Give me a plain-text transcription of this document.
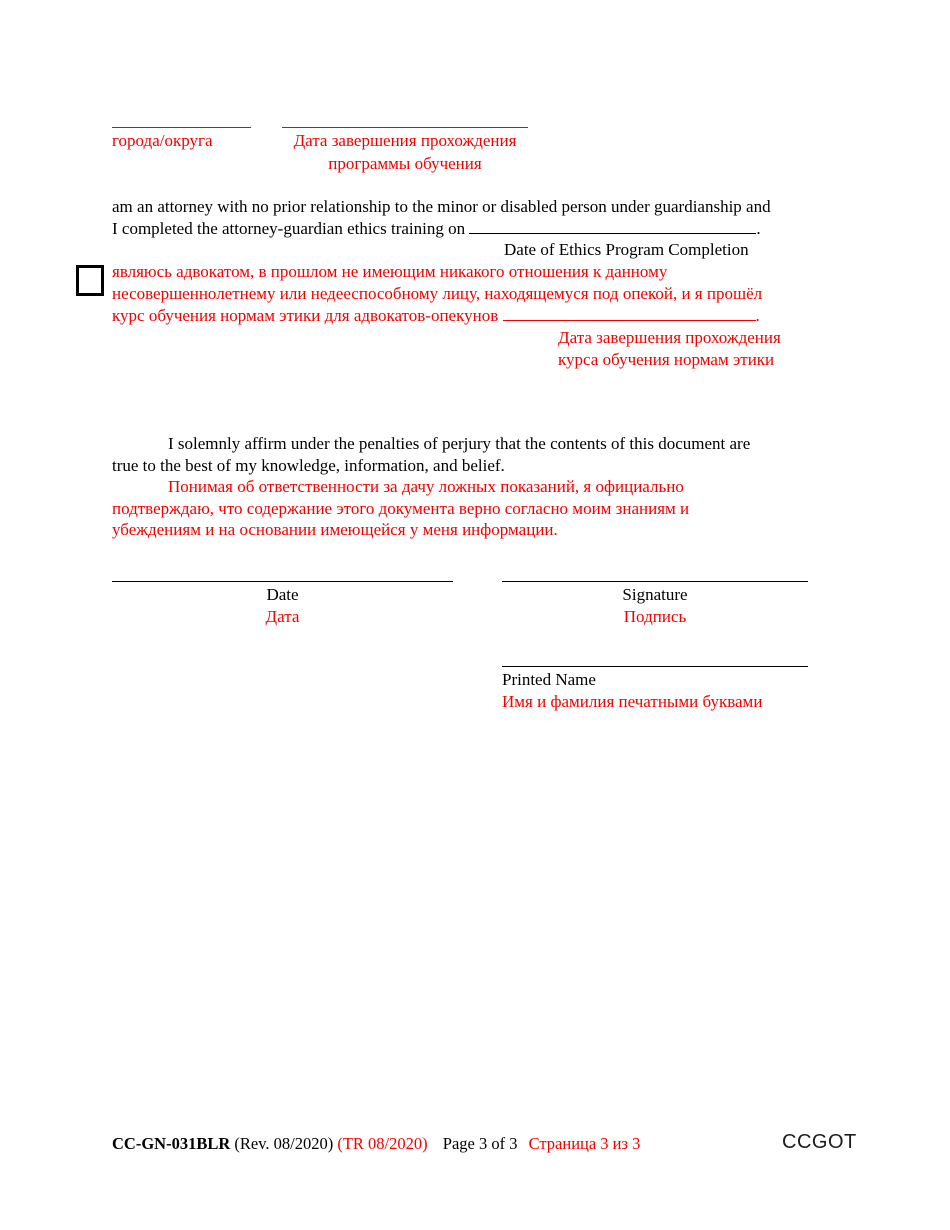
города/округа	Дата завершения прохождения
программы обучения
am an attorney with no prior relationship to the minor or disabled person under guardianship and
I completed the attorney-guardian ethics training on	.
Date of Ethics Program Completion
являюсь адвокатом, в прошлом не имеющим никакого отношения к данному
несовершеннолетнему или недееспособному лицу, находящемуся под опекой, и я прошёл
курс обучения нормам этики для адвокатов-опекунов	.
Дата завершения прохождения
курса обучения нормам этики
I solemnly affirm under the penalties of perjury that the contents of this document are
true to the best of my knowledge, information, and belief.
Понимая об ответственности за дачу ложных показаний, я официально
подтверждаю, что содержание этого документа верно согласно моим знаниям и
убеждениям и на основании имеющейся у меня информации.
Date
Дата
Signature
Подпись
Printed Name
Имя и фамилия печатными буквами
CC-GN-031BLR (Rev. 08/2020) (TR 08/2020) Page 3 of 3 Страница 3 из 3	CCGOT
